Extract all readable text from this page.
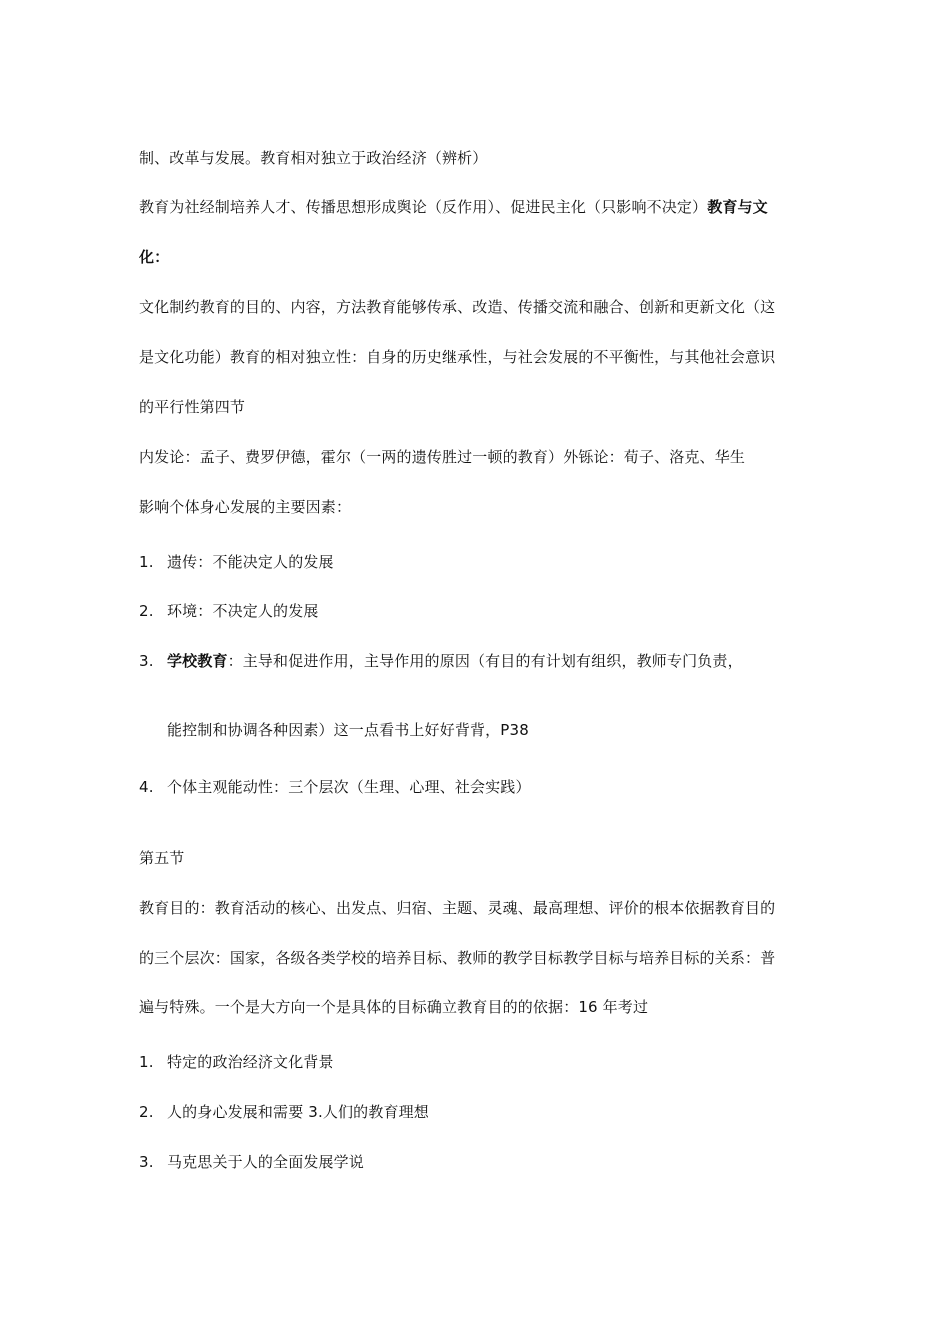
制、改革与发展。教育相对独立于政治经济（辨析）
教育为社经制培养人才、传播思想形成舆论（反作用）、促进民主化（只影响不决定）教育与文
化：
文化制约教育的目的、内容，方法教育能够传承、改造、传播交流和融合、创新和更新文化（这
是文化功能）教育的相对独立性：自身的历史继承性，与社会发展的不平衡性，与其他社会意识
的平行性第四节
内发论：孟子、费罗伊德，霍尔（一两的遗传胜过一顿的教育）外铄论：荀子、洛克、华生
影响个体身心发展的主要因素：
1. 遗传：不能决定人的发展
2. 环境：不决定人的发展
3. 学校教育：主导和促进作用，主导作用的原因（有目的有计划有组织，教师专门负责，
能控制和协调各种因素）这一点看书上好好背背，P38
4. 个体主观能动性：三个层次（生理、心理、社会实践）
第五节
教育目的：教育活动的核心、出发点、归宿、主题、灵魂、最高理想、评价的根本依据教育目的
的三个层次：国家，各级各类学校的培养目标、教师的教学目标教学目标与培养目标的关系：普
遍与特殊。一个是大方向一个是具体的目标确立教育目的的依据：16 年考过
1. 特定的政治经济文化背景
2. 人的身心发展和需要 3.人们的教育理想
3. 马克思关于人的全面发展学说
